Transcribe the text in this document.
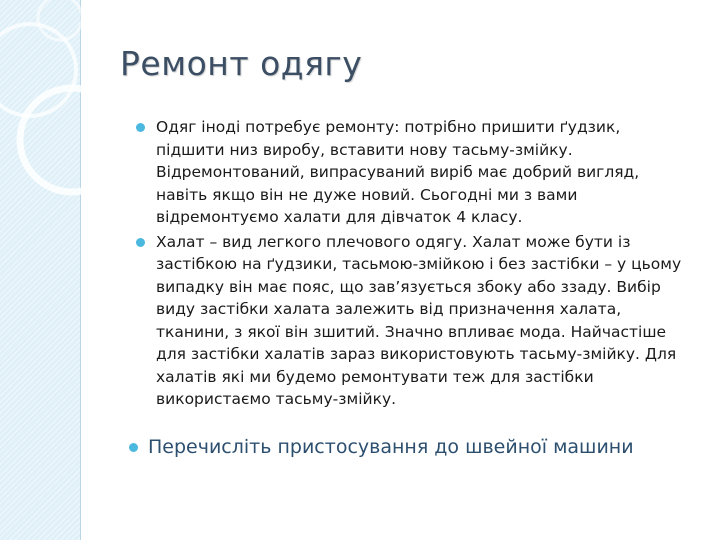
Ремонт одягу
Одяг іноді потребує ремонту: потрібно пришити ґудзик, підшити низ виробу, вставити нову тасьму-змійку. Відремонтований, випрасуваний виріб має добрий вигляд, навіть якщо він не дуже новий. Сьогодні ми з вами відремонтуємо халати для дівчаток 4 класу.
Халат – вид легкого плечового одягу. Халат може бути із застібкою на ґудзики, тасьмою-змійкою і без застібки – у цьому випадку він має пояс, що зав’язується збоку або ззаду. Вибір виду застібки халата залежить від призначення халата, тканини, з якої він зшитий. Значно впливає мода. Найчастіше для застібки халатів зараз використовують тасьму-змійку. Для халатів які ми будемо ремонтувати теж для застібки використаємо тасьму-змійку.
Перечисліть пристосування до швейної машини
